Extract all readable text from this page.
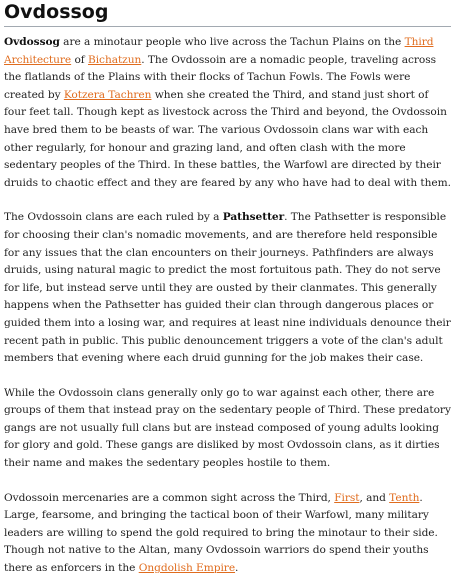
Ovdossog

Ovdossog are a minotaur people who live across the Tachun Plains on the Third Architecture of Bichatzun. The Ovdossoin are a nomadic people, traveling across the flatlands of the Plains with their flocks of Tachun Fowls. The Fowls were created by Kotzera Tachren when she created the Third, and stand just short of four feet tall. Though kept as livestock across the Third and beyond, the Ovdossoin have bred them to be beasts of war. The various Ovdossoin clans war with each other regularly, for honour and grazing land, and often clash with the more sedentary peoples of the Third. In these battles, the Warfowl are directed by their druids to chaotic effect and they are feared by any who have had to deal with them.

The Ovdossoin clans are each ruled by a Pathsetter. The Pathsetter is responsible for choosing their clan's nomadic movements, and are therefore held responsible for any issues that the clan encounters on their journeys. Pathfinders are always druids, using natural magic to predict the most fortuitous path. They do not serve for life, but instead serve until they are ousted by their clanmates. This generally happens when the Pathsetter has guided their clan through dangerous places or guided them into a losing war, and requires at least nine individuals denounce their recent path in public. This public denouncement triggers a vote of the clan's adult members that evening where each druid gunning for the job makes their case.

While the Ovdossoin clans generally only go to war against each other, there are groups of them that instead pray on the sedentary people of Third. These predatory gangs are not usually full clans but are instead composed of young adults looking for glory and gold. These gangs are disliked by most Ovdossoin clans, as it dirties their name and makes the sedentary peoples hostile to them.

Ovdossoin mercenaries are a common sight across the Third, First, and Tenth. Large, fearsome, and bringing the tactical boon of their Warfowl, many military leaders are willing to spend the gold required to bring the minotaur to their side. Though not native to the Altan, many Ovdossoin warriors do spend their youths there as enforcers in the Ongdolish Empire.
